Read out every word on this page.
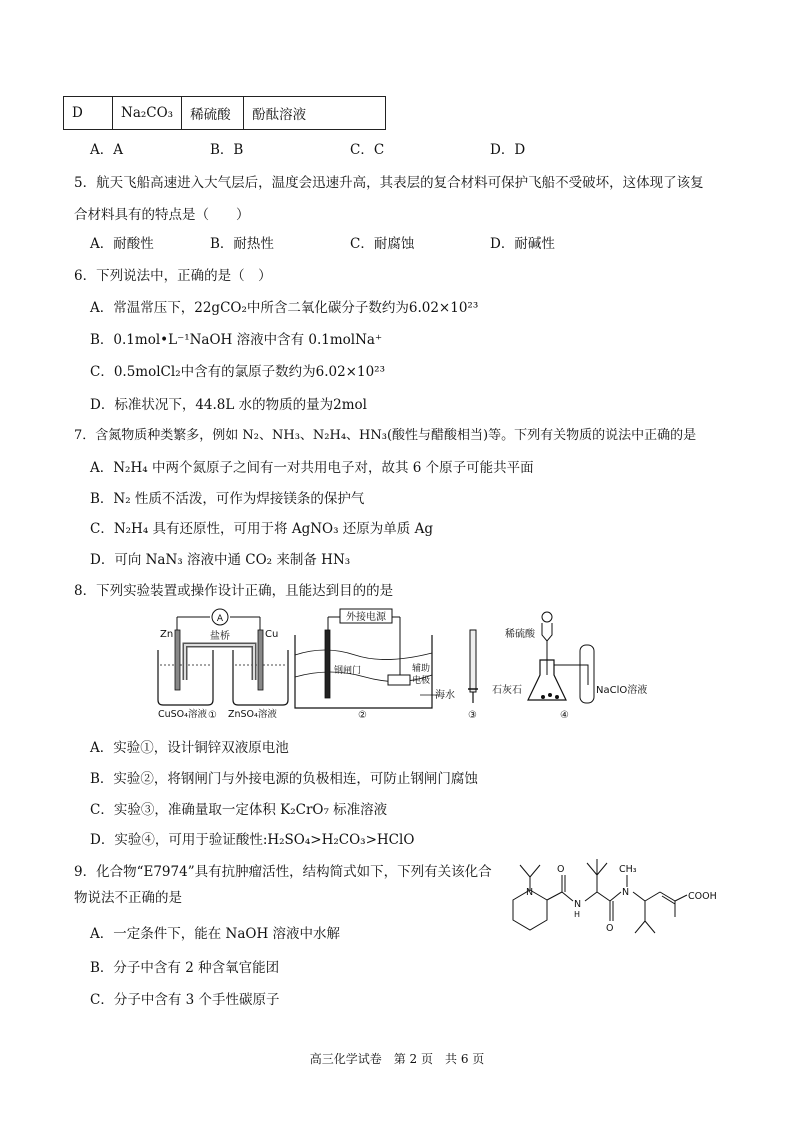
D	Na₂CO₃	稀硫酸	酚酞溶液
A．A	B．B	C．C	D．D
5．航天飞船高速进入大气层后，温度会迅速升高，其表层的复合材料可保护飞船不受破坏，这体现了该复
合材料具有的特点是（　　）
A．耐酸性	B．耐热性	C．耐腐蚀	D．耐碱性
6．下列说法中，正确的是（　）
A．常温常压下，22gCO₂中所含二氧化碳分子数约为6.02×10²³
B．0.1mol•L⁻¹NaOH 溶液中含有 0.1molNa⁺
C．0.5molCl₂中含有的氯原子数约为6.02×10²³
D．标准状况下，44.8L 水的物质的量为2mol
7．含氮物质种类繁多，例如 N₂、NH₃、N₂H₄、HN₃(酸性与醋酸相当)等。下列有关物质的说法中正确的是
A．N₂H₄ 中两个氮原子之间有一对共用电子对，故其 6 个原子可能共平面
B．N₂ 性质不活泼，可作为焊接镁条的保护气
C．N₂H₄ 具有还原性，可用于将 AgNO₃ 还原为单质 Ag
D．可向 NaN₃ 溶液中通 CO₂ 来制备 HN₃
8．下列实验装置或操作设计正确，且能达到目的的是
A
Zn	Cu
盐桥
CuSO₄溶液 ZnSO₄溶液
①
外接电源
钢闸门	辅助
电极
海水
②	③
稀硫酸
石灰石	NaClO溶液
④
A．实验①，设计铜锌双液原电池
B．实验②，将钢闸门与外接电源的负极相连，可防止钢闸门腐蚀
C．实验③，准确量取一定体积 K₂CrO₇ 标准溶液
D．实验④，可用于验证酸性:H₂SO₄>H₂CO₃>HClO
9．化合物“E7974”具有抗肿瘤活性，结构简式如下，下列有关该化合
物说法不正确的是
A．一定条件下，能在 NaOH 溶液中水解
B．分子中含有 2 种含氧官能团
C．分子中含有 3 个手性碳原子
N
O
N
H
O
N
CH₃
COOH
高三化学试卷　第 2 页　共 6 页
